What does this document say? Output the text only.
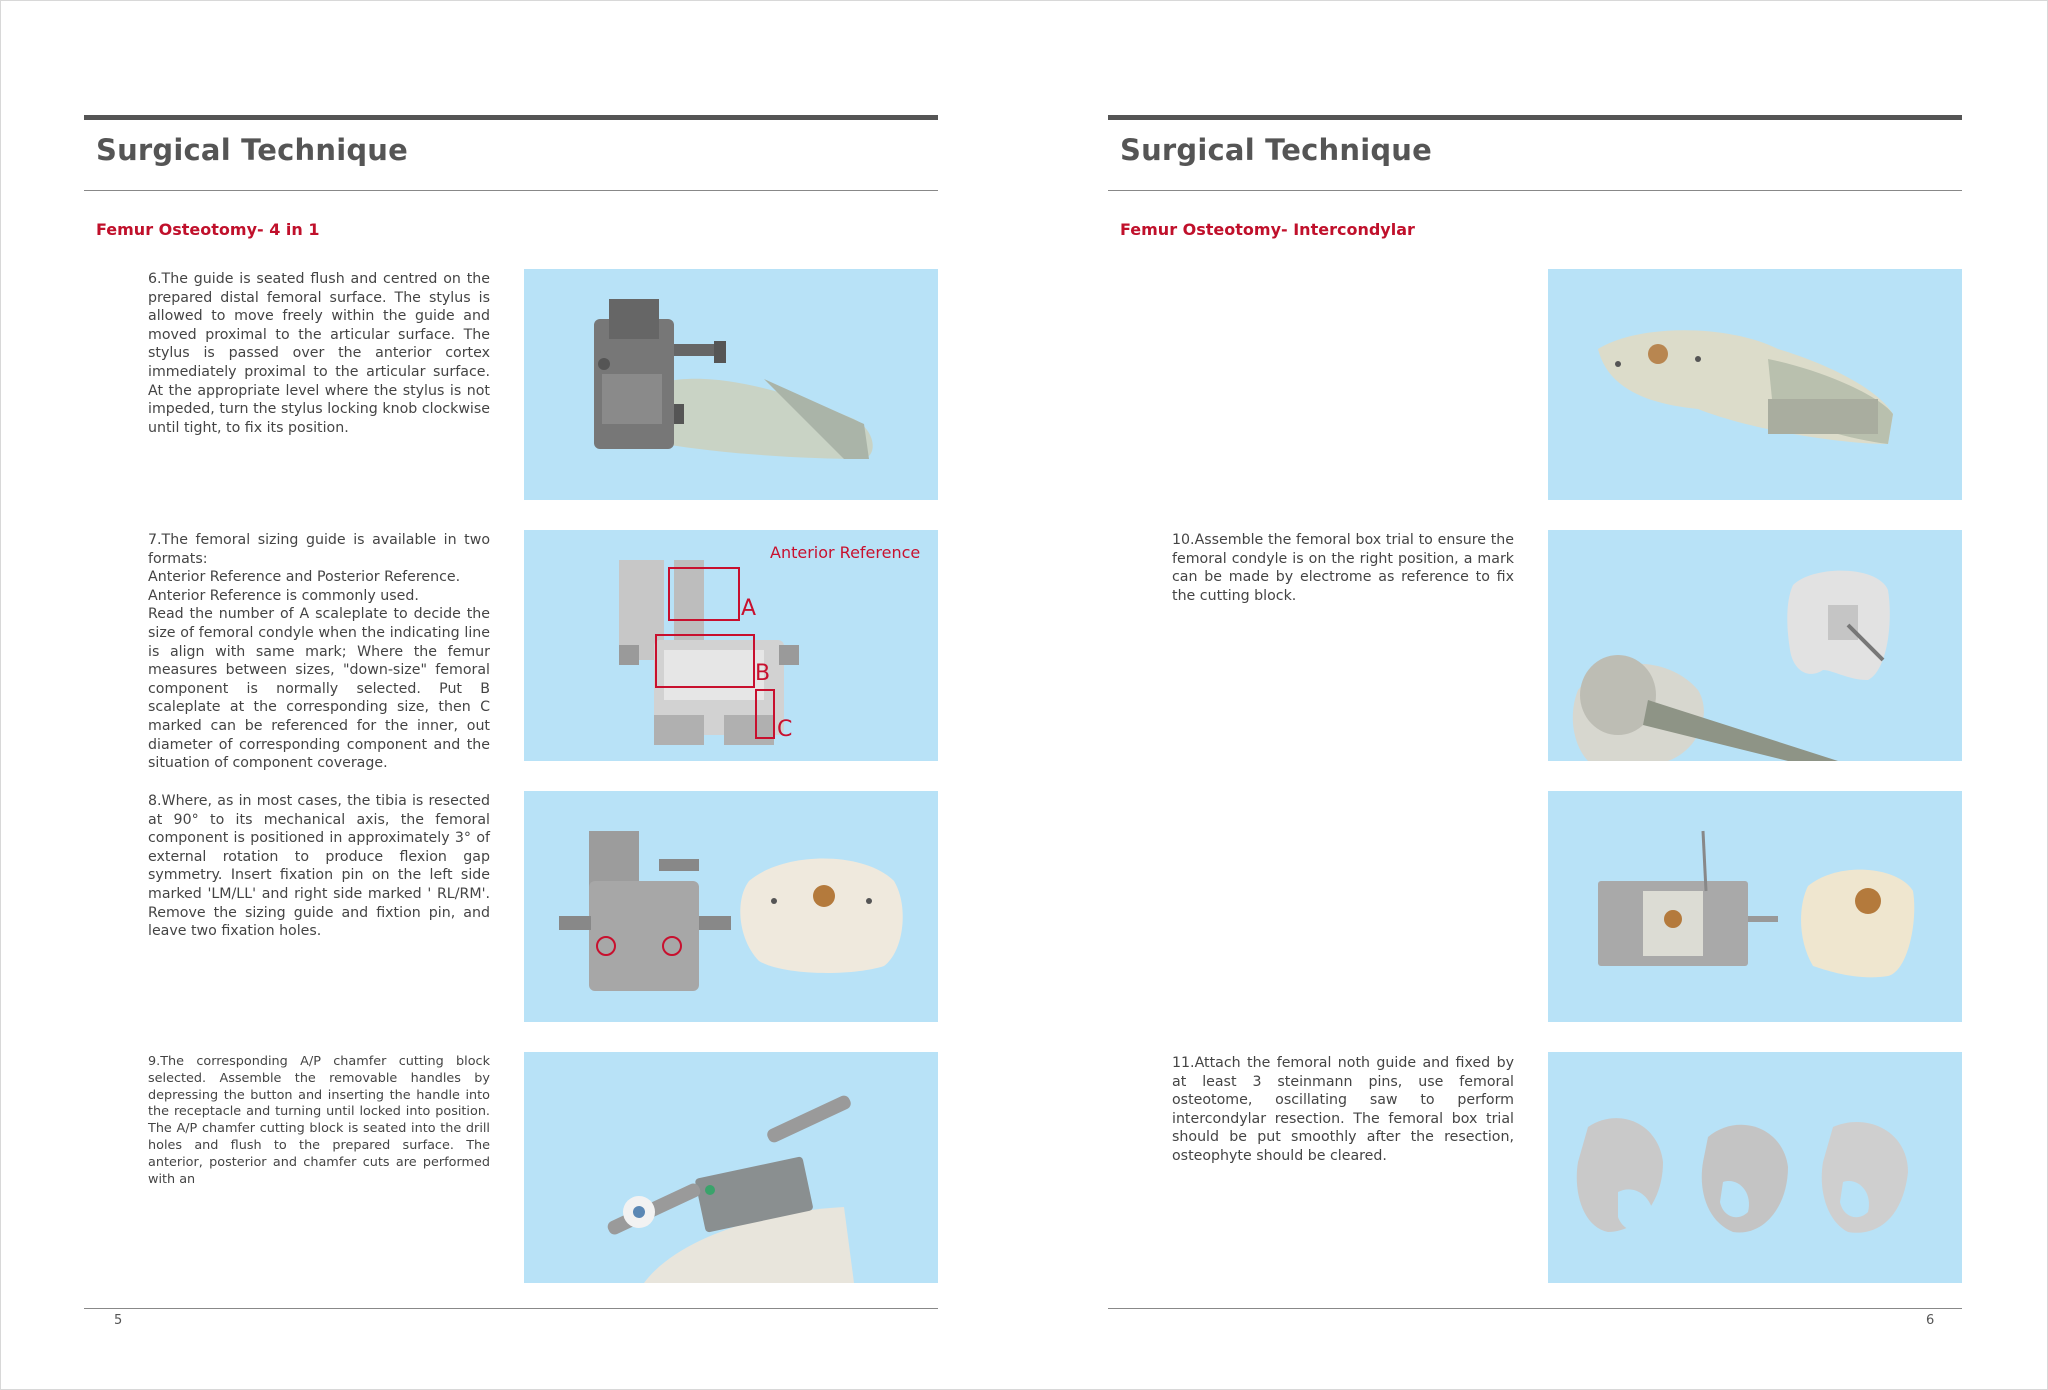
Surgical Technique
Femur Osteotomy- 4 in 1
6.The guide is seated flush and centred on the prepared distal femoral surface. The stylus is allowed to move freely within the guide and moved proximal to the articular surface. The stylus is passed over the anterior cortex immediately proximal to the articular surface. At the appropriate level where the stylus is not impeded, turn the stylus locking knob clockwise until tight, to fix its position.
7.The femoral sizing guide is available in two formats:
Anterior Reference and Posterior Reference.
Anterior Reference is commonly used.
Read the number of A scaleplate to decide the size of femoral condyle when the indicating line is align with same mark; Where the femur measures between sizes, "down-size" femoral component is normally selected. Put B scaleplate at the corresponding size, then C marked can be referenced for the inner, out diameter of corresponding component and the situation of component coverage.
Anterior Reference
A
B
C
8.Where, as in most cases, the tibia is resected at 90° to its mechanical axis, the femoral component is positioned in approximately 3° of external rotation to produce flexion gap symmetry. Insert fixation pin on the left side marked 'LM/LL' and right side marked ' RL/RM'. Remove the sizing guide and fixtion pin, and leave two fixation holes.
9.The corresponding A/P chamfer cutting block selected. Assemble the removable handles by depressing the button and inserting the handle into the receptacle and turning until locked into position. The A/P chamfer cutting block is seated into the drill holes and flush to the prepared surface. The anterior, posterior and chamfer cuts are performed with an
5
Surgical Technique
Femur Osteotomy- Intercondylar
10.Assemble the femoral box trial to ensure the femoral condyle is on the right position, a mark can be made by electrome as reference to fix the cutting block.
11.Attach the femoral noth guide and fixed by at least 3 steinmann pins, use femoral osteotome, oscillating saw to perform intercondylar resection. The femoral box trial should be put smoothly after the resection, osteophyte should be cleared.
6
